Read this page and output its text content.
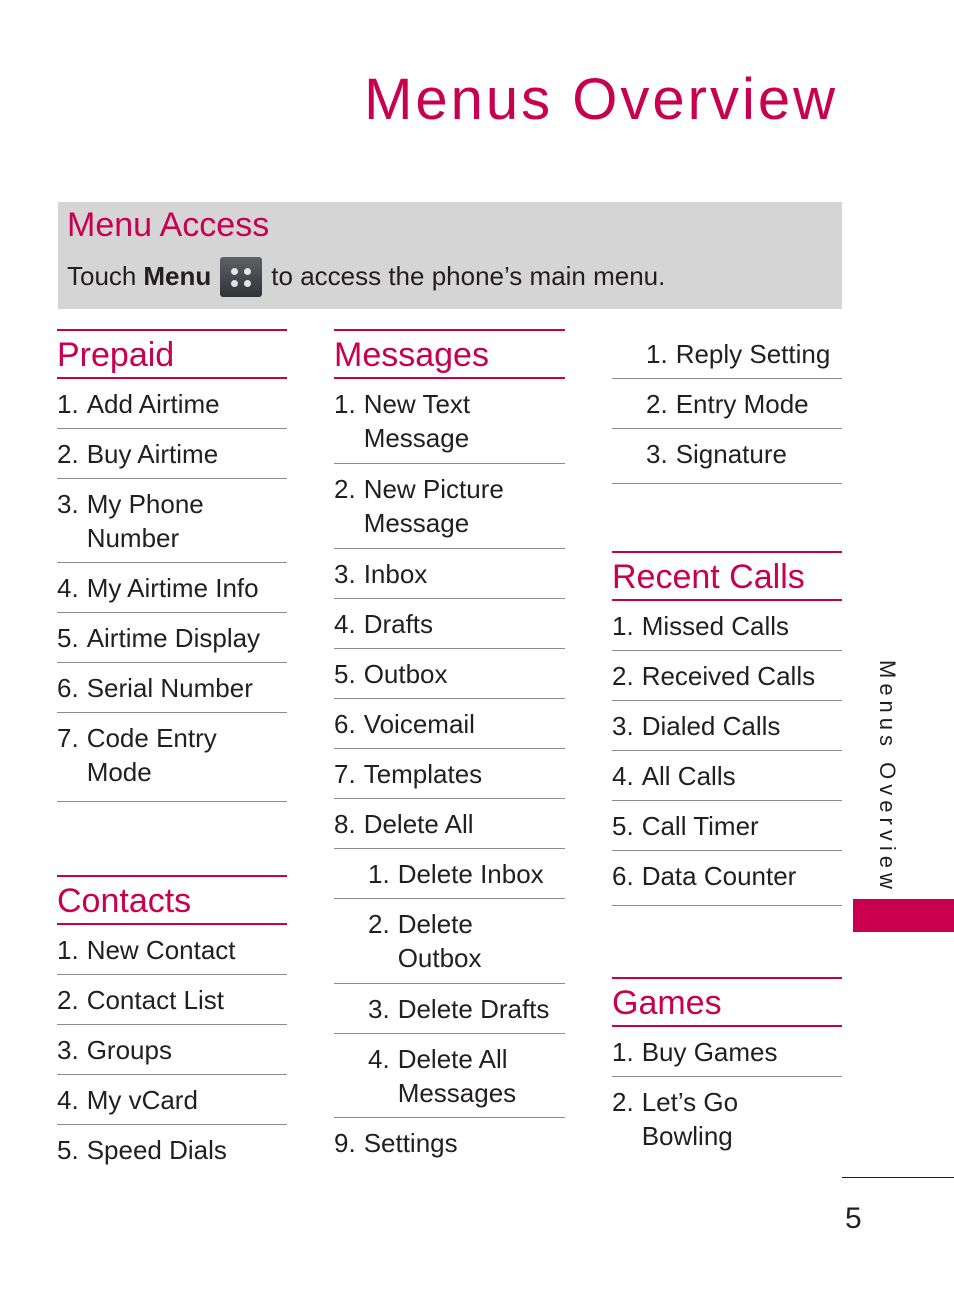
Menus Overview
Menu Access
Touch Menu to access the phone’s main menu.
Prepaid
1. Add Airtime
2. Buy Airtime
3. My Phone
Number
4. My Airtime Info
5. Airtime Display
6. Serial Number
7. Code Entry
Mode
Contacts
1. New Contact
2. Contact List
3. Groups
4. My vCard
5. Speed Dials
Messages
1. New Text
Message
2. New Picture
Message
3. Inbox
4. Drafts
5. Outbox
6. Voicemail
7. Templates
8. Delete All
1. Delete Inbox
2. Delete
Outbox
3. Delete Drafts
4. Delete All
Messages
9. Settings
1. Reply Setting
2. Entry Mode
3. Signature
Recent Calls
1. Missed Calls
2. Received Calls
3. Dialed Calls
4. All Calls
5. Call Timer
6. Data Counter
Games
1. Buy Games
2. Let’s Go
Bowling
Menus Overview
5
